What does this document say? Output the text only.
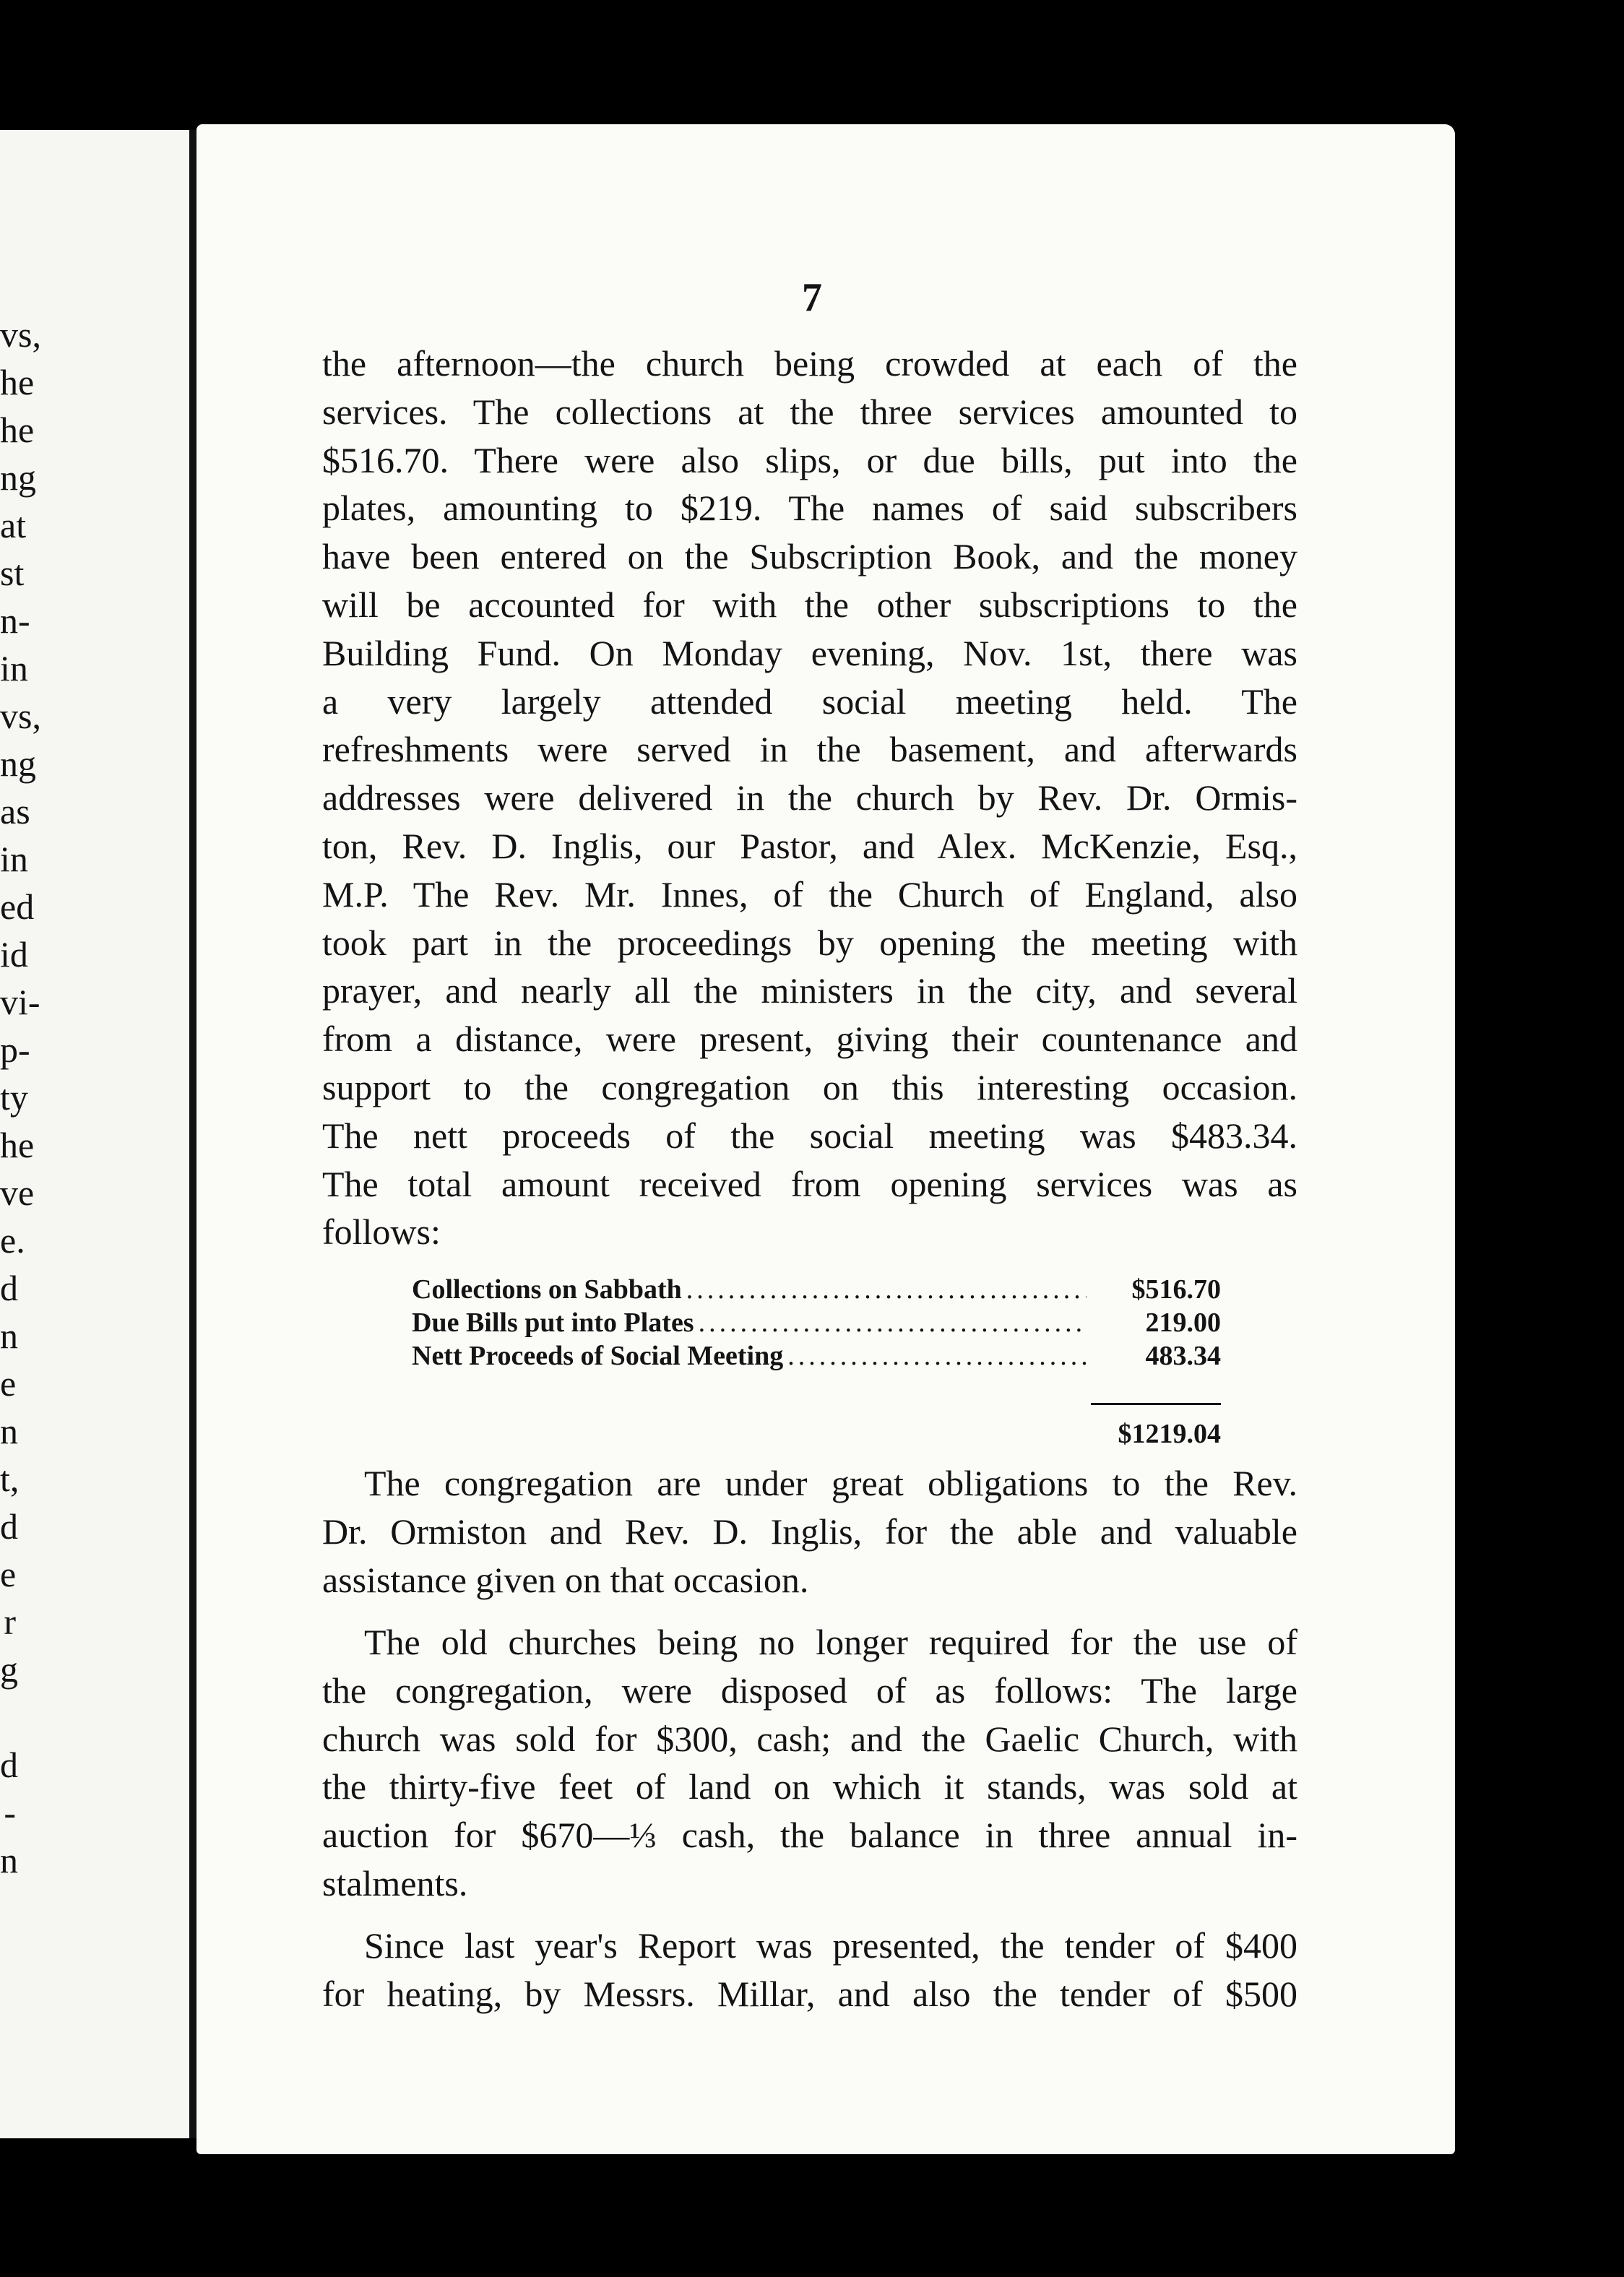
vs,
he
he
ng
at
st
n-
in
vs,
ng
as
in
ed
id
vi-
p-
ty
he
ve
e.
d
n
e
n
t,
d
e
r
g
d
-
n
7
the afternoon—the church being crowded at each of the
services. The collections at the three services amounted to
$516.70. There were also slips, or due bills, put into the
plates, amounting to $219. The names of said subscribers
have been entered on the Subscription Book, and the money
will be accounted for with the other subscriptions to the
Building Fund. On Monday evening, Nov. 1st, there was
a very largely attended social meeting held. The
refreshments were served in the basement, and afterwards
addresses were delivered in the church by Rev. Dr. Ormis-
ton, Rev. D. Inglis, our Pastor, and Alex. McKenzie, Esq.,
M.P. The Rev. Mr. Innes, of the Church of England, also
took part in the proceedings by opening the meeting with
prayer, and nearly all the ministers in the city, and several
from a distance, were present, giving their countenance and
support to the congregation on this interesting occasion.
The nett proceeds of the social meeting was $483.34.
The total amount received from opening services was as
follows:
Collections on Sabbath .....	$516.70
Due Bills put into Plates .....	219.00
Nett Proceeds of Social Meeting .....	483.34
$1219.04
The congregation are under great obligations to the Rev.
Dr. Ormiston and Rev. D. Inglis, for the able and valuable
assistance given on that occasion.
The old churches being no longer required for the use of
the congregation, were disposed of as follows: The large
church was sold for $300, cash; and the Gaelic Church, with
the thirty-five feet of land on which it stands, was sold at
auction for $670—⅓ cash, the balance in three annual in-
stalments.
Since last year's Report was presented, the tender of $400
for heating, by Messrs. Millar, and also the tender of $500
